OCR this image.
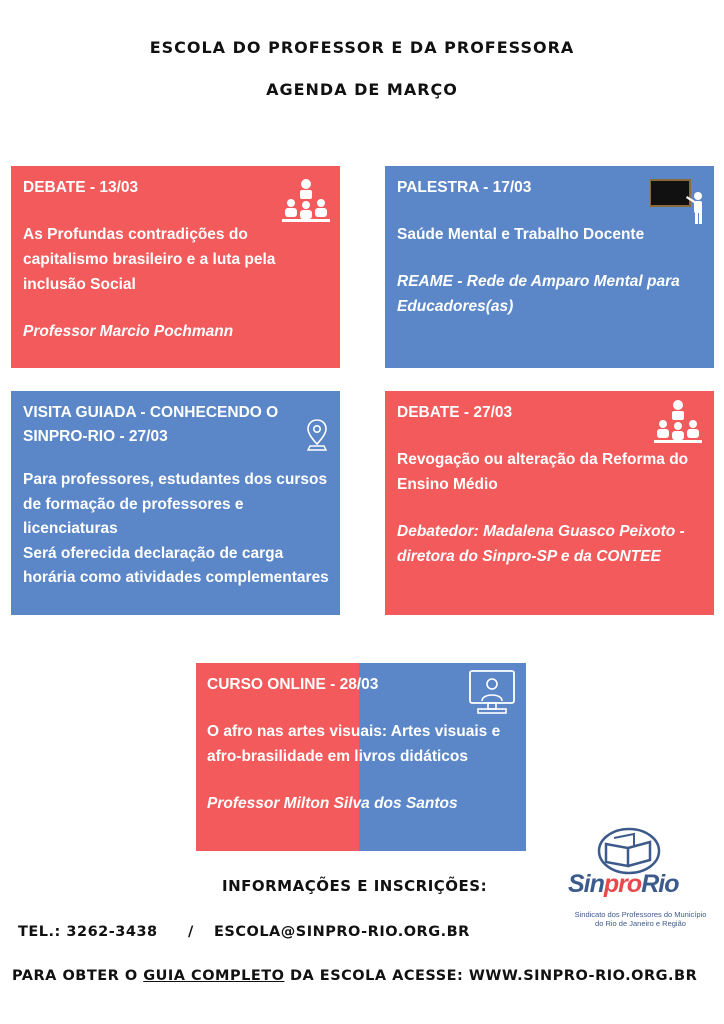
ESCOLA DO PROFESSOR E DA PROFESSORA
AGENDA DE MARÇO
DEBATE - 13/03
As Profundas contradições do capitalismo brasileiro e a luta pela inclusão Social
Professor Marcio Pochmann
PALESTRA - 17/03
Saúde Mental e Trabalho Docente
REAME - Rede de Amparo Mental para Educadores(as)
VISITA GUIADA - CONHECENDO O SINPRO-RIO - 27/03
Para professores, estudantes dos cursos de formação de professores e licenciaturas
Será oferecida declaração de carga horária como atividades complementares
DEBATE - 27/03
Revogação ou alteração da Reforma do Ensino Médio
Debatedor: Madalena Guasco Peixoto - diretora do Sinpro-SP e da CONTEE
CURSO ONLINE - 28/03
O afro nas artes visuais: Artes visuais e afro-brasilidade em livros didáticos
Professor Milton Silva dos Santos
INFORMAÇÕES E INSCRIÇÕES:
TEL.: 3262-3438 / ESCOLA@SINPRO-RIO.ORG.BR
PARA OBTER O GUIA COMPLETO DA ESCOLA ACESSE: WWW.SINPRO-RIO.ORG.BR
SinproRio
Sindicato dos Professores do Município
do Rio de Janeiro e Região
